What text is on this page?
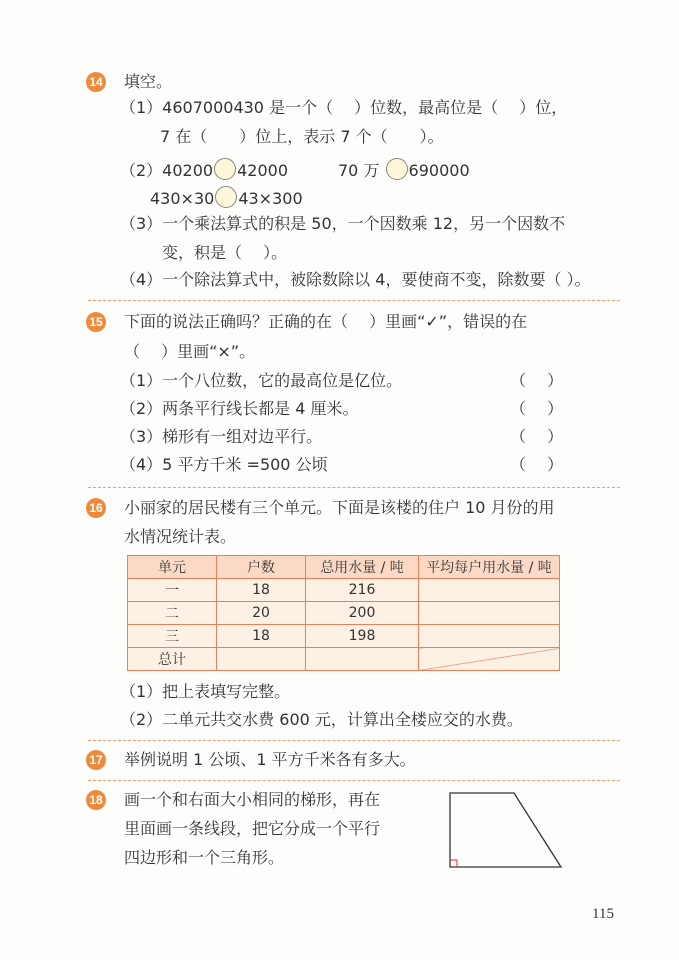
14 填空。
（1）4607000430 是一个（　 ）位数，最高位是（　 ）位，
7 在（　　）位上，表示 7 个（　　）。
（2）40200 42000	70 万 690000
430×30 43×300
（3）一个乘法算式的积是 50，一个因数乘 12，另一个因数不
变，积是（　 ）。
（4）一个除法算式中，被除数除以 4，要使商不变，除数要（ ）。
15 下面的说法正确吗？正确的在（　 ）里画“✓”，错误的在
（　 ）里画“×”。
（1）一个八位数，它的最高位是亿位。	（　 ）
（2）两条平行线长都是 4 厘米。	（　 ）
（3）梯形有一组对边平行。	（　 ）
（4）5 平方千米 =500 公顷	（　 ）
16 小丽家的居民楼有三个单元。下面是该楼的住户 10 月份的用
水情况统计表。
单元	户数	总用水量 / 吨	平均每户用水量 / 吨
一	18	216	
二	20	200	
三	18	198	
总计			
（1）把上表填写完整。
（2）二单元共交水费 600 元，计算出全楼应交的水费。
17 举例说明 1 公顷、1 平方千米各有多大。
18 画一个和右面大小相同的梯形，再在
里面画一条线段，把它分成一个平行
四边形和一个三角形。
115
